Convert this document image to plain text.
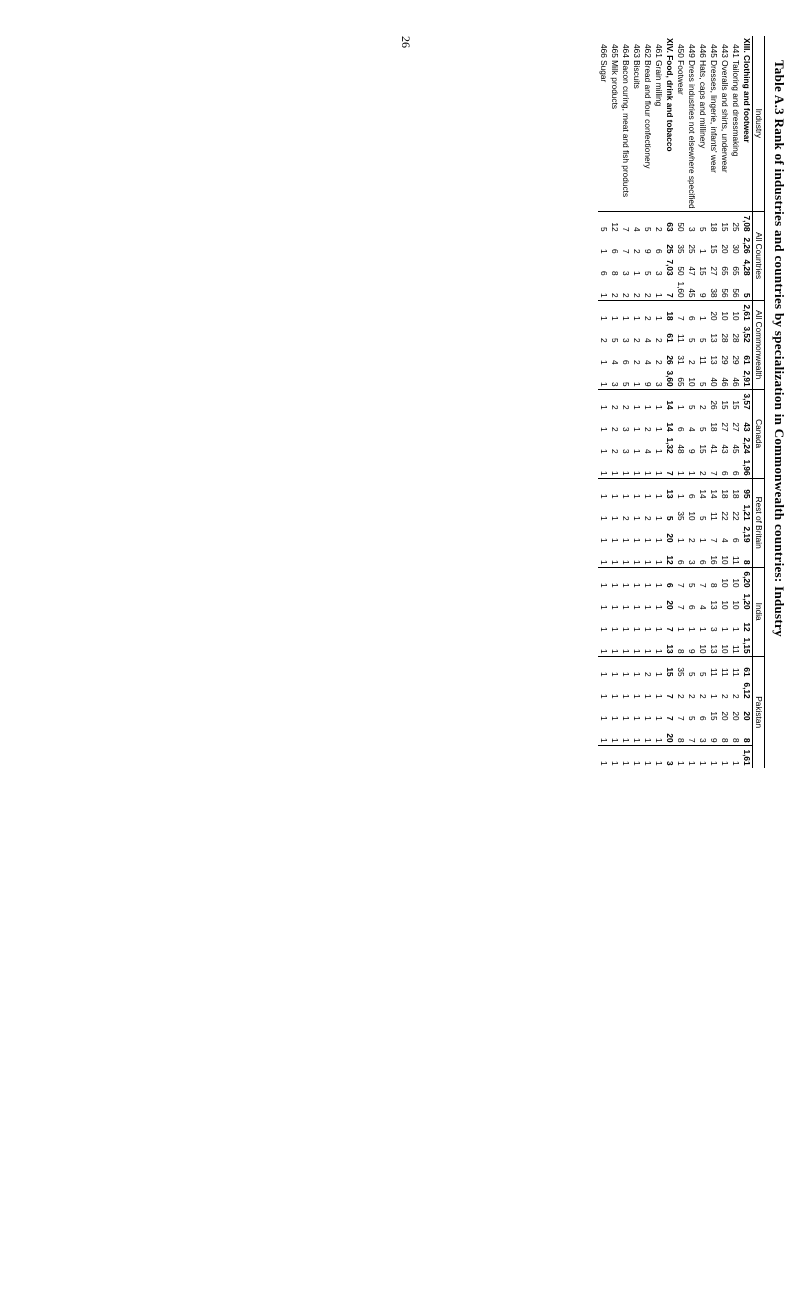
Table A.3 Rank of industries and countries by specialization in Commonwealth countries: Industry
Industry	All Countries				All Commonwealth				Canada				Rest of Britain				India				Pakistan				
XIII. Clothing and footwear	7,08	2,26	4,28	5	2,61	3,52	61	2,91	3,57	43	2,24	1,96	95	1,21	2,19	8	6,20	1,20	12	1,15	61	6,12	20	8	1,61
441 Tailoring and dressmaking	25	30	65	56	10	28	29	46	15	27	45	6	18	22	6	11	10	10	1	11	11	2	20	8	1
443 Overalls and shirts, underwear	15	20	65	56	10	28	29	46	15	27	43	6	18	22	4	10	10	10	1	10	11	2	20	8	1
445 Dresses, lingerie, infants' wear	18	15	27	38	20	13	13	40	26	18	41	7	14	11	7	16	8	13	3	13	11	1	15	9	1
446 Hats, caps and millinery	5	1	15	9	1	5	11	5	2	5	15	2	14	5	1	6	7	4	1	10	5	2	6	3	1
449 Dress industries not elsewhere specified	3	25	47	45	6	5	2	10	5	4	9	1	6	10	2	3	5	6	1	9	5	2	5	7	1
450 Footwear	50	35	50	1,60	7	11	31	65	1	6	48	1	1	35	1	6	7	7	1	8	35	2	7	8	1
XIV. Food, drink and tobacco	63	25	7,03	7	18	61	26	3,60	14	14	1,32	7	13	5	20	12	6	20	7	13	15	7	7	20	3
461 Grain milling	2	6	3	1	1	2	2	3	1	1	1	1	1	1	1	1	1	1	1	1	1	1	1	1	1
462 Bread and flour confectionery	5	9	5	2	2	4	4	9	1	2	4	1	1	2	1	1	1	1	1	1	2	1	1	1	1
463 Biscuits	4	2	1	2	1	2	2	1	1	1	1	1	1	1	1	1	1	1	1	1	1	1	1	1	1
464 Bacon curing, meat and fish products	7	7	3	2	1	3	6	5	2	3	3	1	1	2	1	1	1	1	1	1	1	1	1	1	1
465 Milk products	12	6	8	2	1	5	4	3	2	2	2	1	1	1	1	1	1	1	1	1	1	1	1	1	1
466 Sugar	5	1	6	1	1	2	1	1	1	1	1	1	1	1	1	1	1	1	1	1	1	1	1	1	1
26
